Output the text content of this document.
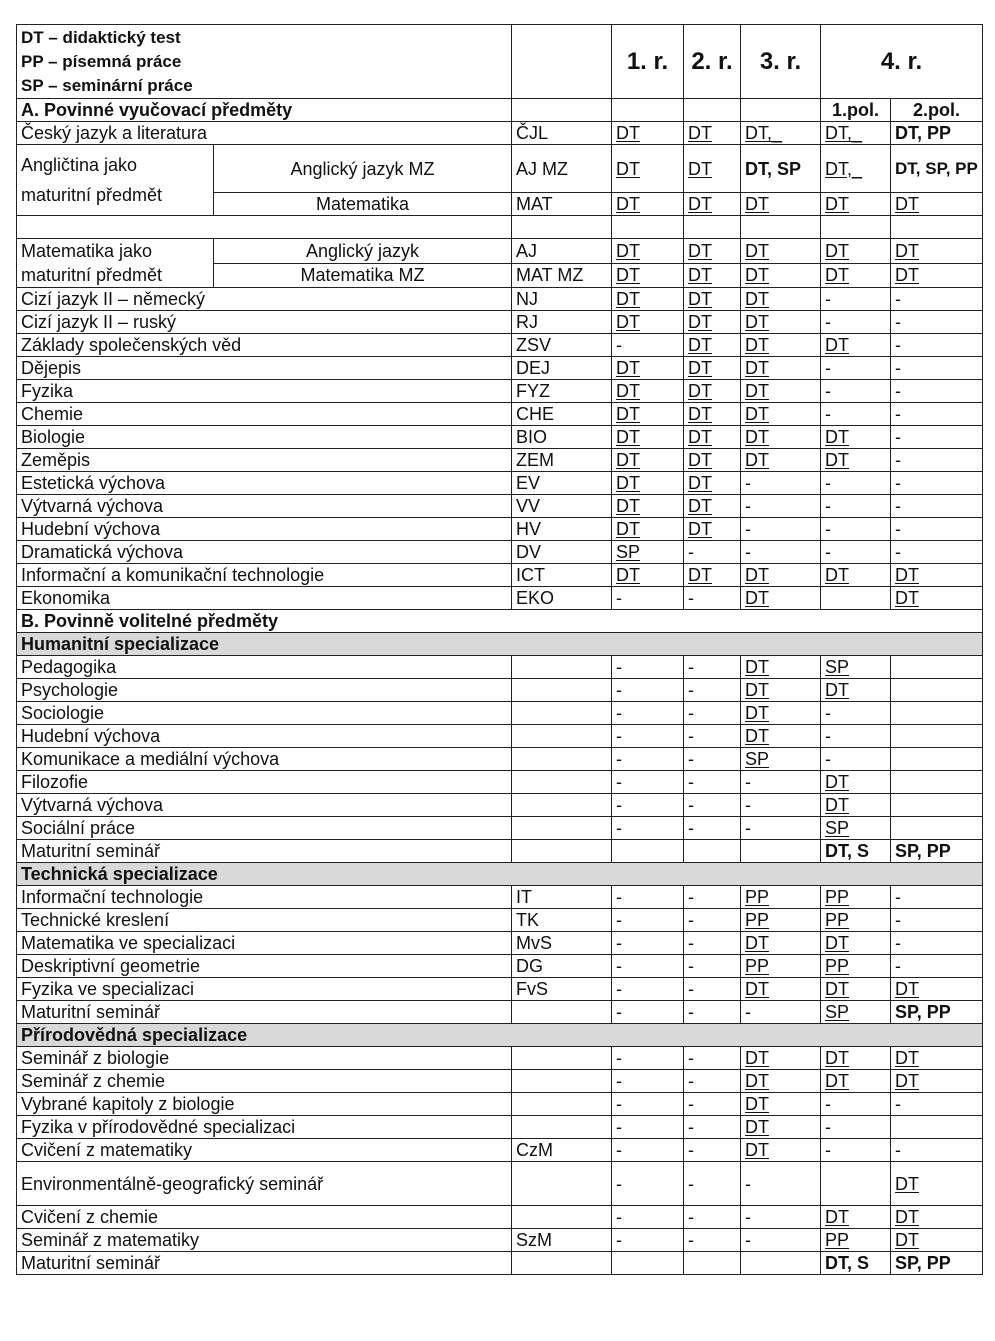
DT – didaktický test
PP – písemná práce
SP – seminární práce			1. r.	2. r.	3. r.	4. r.	
A. Povinné vyučovací předměty						1.pol.	2.pol.
Český jazyk a literatura		ČJL	DT	DT	DT,_	DT,_	DT, PP
Angličtina jako maturitní předmět	Anglický jazyk MZ	AJ MZ	DT	DT	DT, SP	DT,_	DT, SP, PP
	Matematika	MAT	DT	DT	DT	DT	DT

Matematika jako maturitní předmět	Anglický jazyk	AJ	DT	DT	DT	DT	DT
	Matematika MZ	MAT MZ	DT	DT	DT	DT	DT
Cizí jazyk II – německý		NJ	DT	DT	DT	-	-
Cizí jazyk II – ruský		RJ	DT	DT	DT	-	-
Základy společenských věd		ZSV	-	DT	DT	DT	-
Dějepis		DEJ	DT	DT	DT	-	-
Fyzika		FYZ	DT	DT	DT	-	-
Chemie		CHE	DT	DT	DT	-	-
Biologie		BIO	DT	DT	DT	DT	-
Zeměpis		ZEM	DT	DT	DT	DT	-
Estetická výchova		EV	DT	DT	-	-	-
Výtvarná výchova		VV	DT	DT	-	-	-
Hudební výchova		HV	DT	DT	-	-	-
Dramatická výchova		DV	SP	-	-	-	-
Informační a komunikační technologie		ICT	DT	DT	DT	DT	DT
Ekonomika		EKO	-	-	DT		DT
B. Povinně volitelné předměty							
Humanitní specializace							
Pedagogika			-	-	DT	SP	
Psychologie			-	-	DT	DT	
Sociologie			-	-	DT	-	
Hudební výchova			-	-	DT	-	
Komunikace a mediální výchova			-	-	SP	-	
Filozofie			-	-	-	DT	
Výtvarná výchova			-	-	-	DT	
Sociální práce			-	-	-	SP	
Maturitní seminář						DT, S	SP, PP
Technická specializace							
Informační technologie		IT	-	-	PP	PP	-
Technické kreslení		TK	-	-	PP	PP	-
Matematika ve specializaci		MvS	-	-	DT	DT	-
Deskriptivní geometrie		DG	-	-	PP	PP	-
Fyzika ve specializaci		FvS	-	-	DT	DT	DT
Maturitní seminář			-	-	-	SP	SP, PP
Přírodovědná specializace							
Seminář z biologie			-	-	DT	DT	DT
Seminář z chemie			-	-	DT	DT	DT
Vybrané kapitoly z biologie			-	-	DT	-	-
Fyzika v přírodovědné specializaci			-	-	DT	-	
Cvičení z matematiky		CzM	-	-	DT	-	-
Environmentálně-geografický seminář			-	-	-		DT
Cvičení z chemie			-	-	-	DT	DT
Seminář z matematiky		SzM	-	-	-	PP	DT
Maturitní seminář						DT, S	SP, PP
